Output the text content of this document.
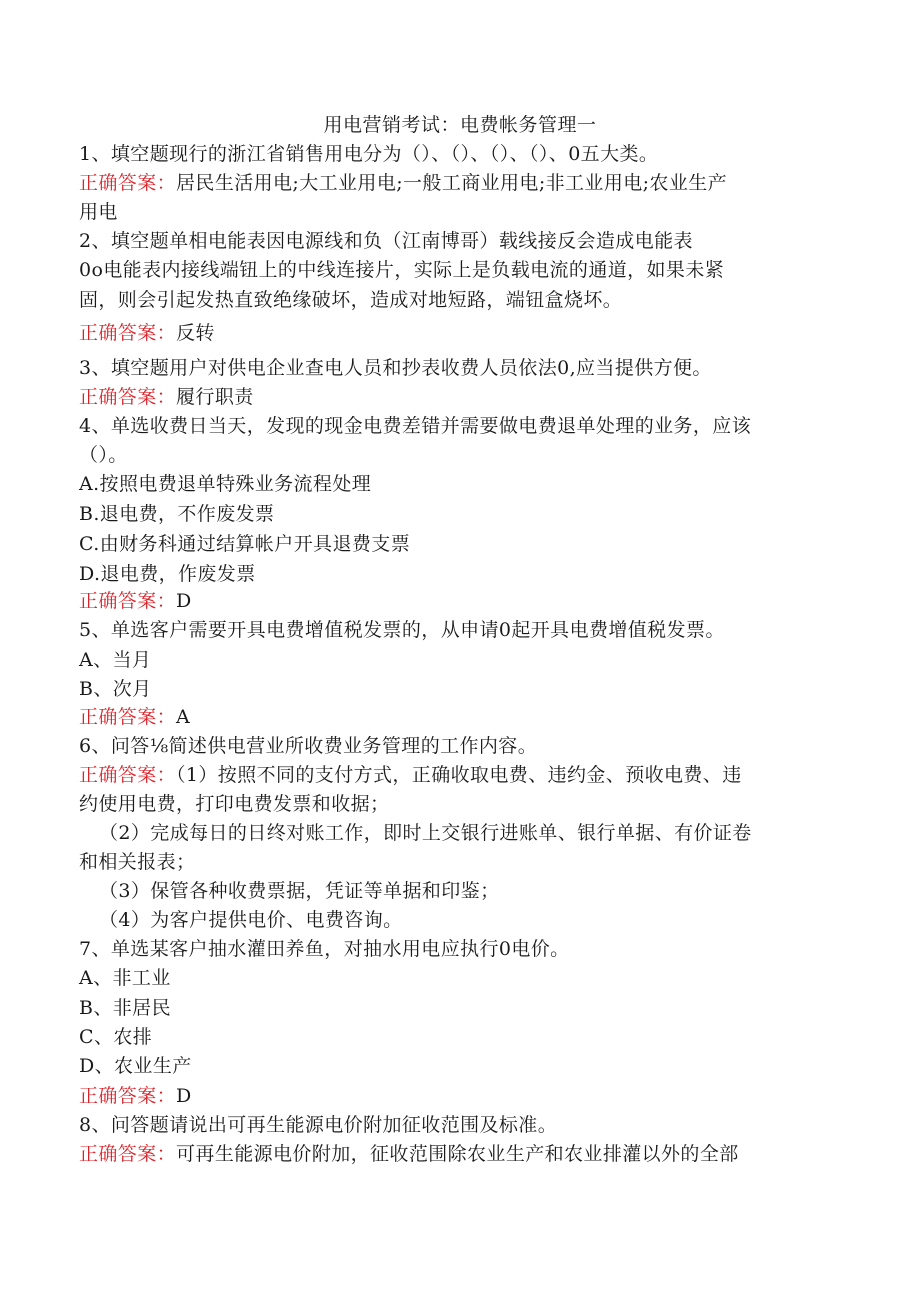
用电营销考试：电费帐务管理一
1、填空题现行的浙江省销售用电分为（）、（）、（）、（）、0五大类。
正确答案：居民生活用电;大工业用电;一般工商业用电;非工业用电;农业生产
用电
2、填空题单相电能表因电源线和负（江南博哥）载线接反会造成电能表
0o电能表内接线端钮上的中线连接片，实际上是负载电流的通道，如果未紧
固，则会引起发热直致绝缘破坏，造成对地短路，端钮盒烧坏。
正确答案：反转
3、填空题用户对供电企业查电人员和抄表收费人员依法0,应当提供方便。
正确答案：履行职责
4、单选收费日当天，发现的现金电费差错并需要做电费退单处理的业务，应该
（）。
A.按照电费退单特殊业务流程处理
B.退电费，不作废发票
C.由财务科通过结算帐户开具退费支票
D.退电费，作废发票
正确答案：D
5、单选客户需要开具电费增值税发票的，从申请0起开具电费增值税发票。
A、当月
B、次月
正确答案：A
6、问答⅛简述供电营业所收费业务管理的工作内容。
正确答案：（1）按照不同的支付方式，正确收取电费、违约金、预收电费、违
约使用电费，打印电费发票和收据；
（2）完成每日的日终对账工作，即时上交银行进账单、银行单据、有价证卷
和相关报表；
（3）保管各种收费票据，凭证等单据和印鉴；
（4）为客户提供电价、电费咨询。
7、单选某客户抽水灌田养鱼，对抽水用电应执行0电价。
A、非工业
B、非居民
C、农排
D、农业生产
正确答案：D
8、问答题请说出可再生能源电价附加征收范围及标准。
正确答案：可再生能源电价附加，征收范围除农业生产和农业排灌以外的全部
